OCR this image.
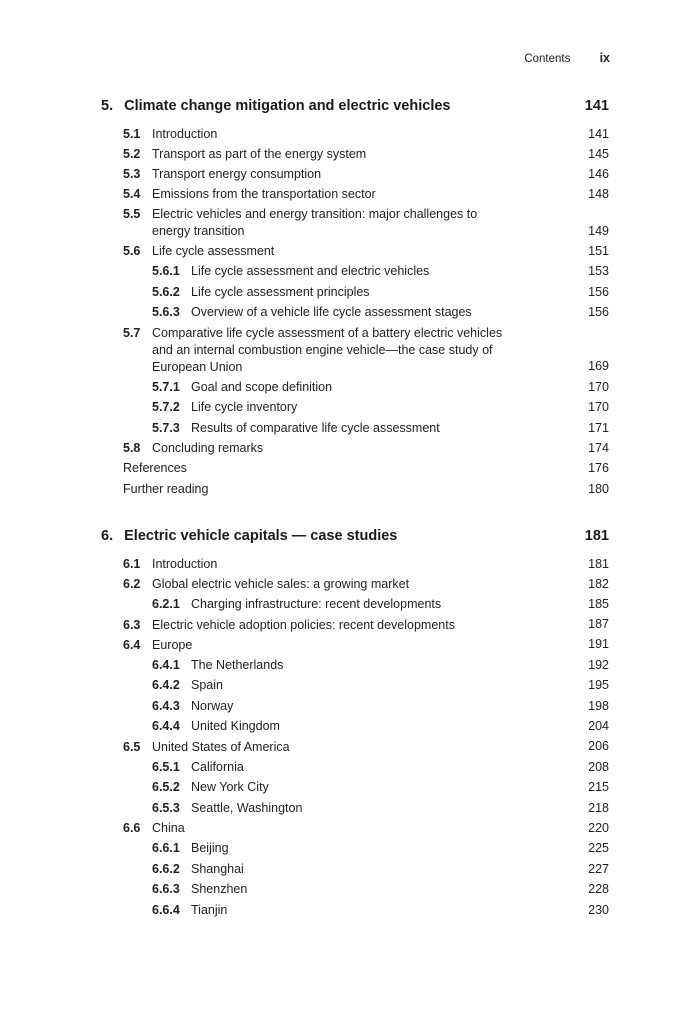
Contents ix
5. Climate change mitigation and electric vehicles	141
5.1 Introduction	141
5.2 Transport as part of the energy system	145
5.3 Transport energy consumption	146
5.4 Emissions from the transportation sector	148
5.5 Electric vehicles and energy transition: major challenges to energy transition	149
5.6 Life cycle assessment	151
5.6.1 Life cycle assessment and electric vehicles	153
5.6.2 Life cycle assessment principles	156
5.6.3 Overview of a vehicle life cycle assessment stages	156
5.7 Comparative life cycle assessment of a battery electric vehicles and an internal combustion engine vehicle—the case study of European Union	169
5.7.1 Goal and scope definition	170
5.7.2 Life cycle inventory	170
5.7.3 Results of comparative life cycle assessment	171
5.8 Concluding remarks	174
References	176
Further reading	180
6. Electric vehicle capitals — case studies	181
6.1 Introduction	181
6.2 Global electric vehicle sales: a growing market	182
6.2.1 Charging infrastructure: recent developments	185
6.3 Electric vehicle adoption policies: recent developments	187
6.4 Europe	191
6.4.1 The Netherlands	192
6.4.2 Spain	195
6.4.3 Norway	198
6.4.4 United Kingdom	204
6.5 United States of America	206
6.5.1 California	208
6.5.2 New York City	215
6.5.3 Seattle, Washington	218
6.6 China	220
6.6.1 Beijing	225
6.6.2 Shanghai	227
6.6.3 Shenzhen	228
6.6.4 Tianjin	230
